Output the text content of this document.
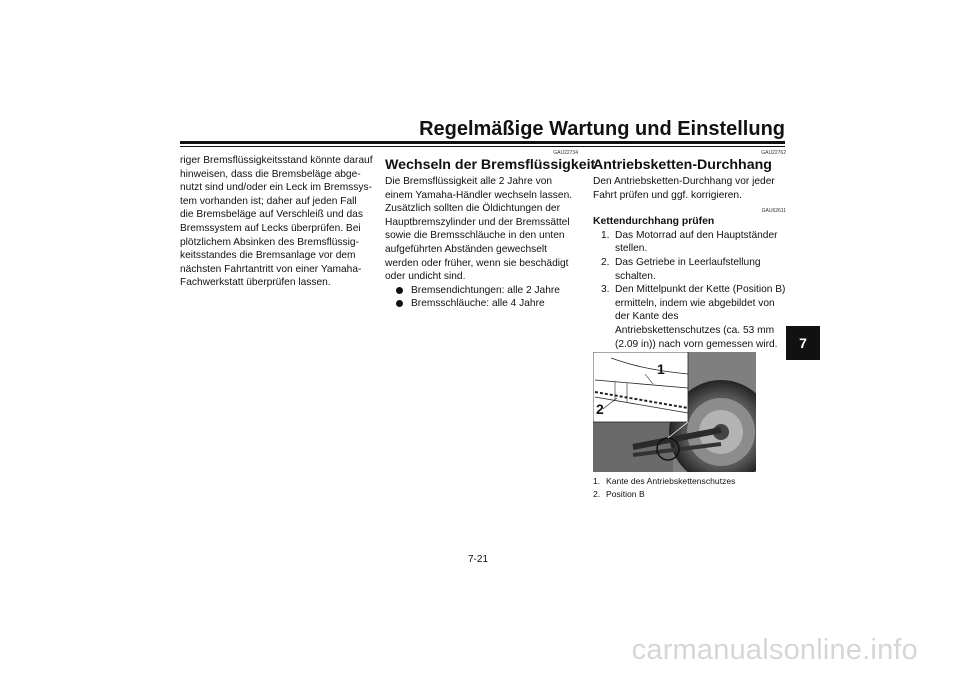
Regelmäßige Wartung und Einstellung

riger Bremsflüssigkeitsstand könnte darauf hinweisen, dass die Bremsbeläge abgenutzt sind und/oder ein Leck im Bremssystem vorhanden ist; daher auf jeden Fall die Bremsbeläge auf Verschleiß und das Bremssystem auf Lecks überprüfen. Bei plötzlichem Absinken des Bremsflüssigkeitsstandes die Bremsanlage vor dem nächsten Fahrtantritt von einer Yamaha-Fachwerkstatt überprüfen lassen.

GAU22734
Wechseln der Bremsflüssigkeit

Die Bremsflüssigkeit alle 2 Jahre von einem Yamaha-Händler wechseln lassen. Zusätzlich sollten die Öldichtungen der Hauptbremszylinder und der Bremssättel sowie die Bremsschläuche in den unten aufgeführten Abständen gewechselt werden oder früher, wenn sie beschädigt oder undicht sind.

Bremsendichtungen: alle 2 Jahre
Bremsschläuche: alle 4 Jahre
GAU22762
Antriebsketten-Durchhang

Den Antriebsketten-Durchhang vor jeder Fahrt prüfen und ggf. korrigieren.

GAU62611
Kettendurchhang prüfen
1. Das Motorrad auf den Hauptständer stellen.
2. Das Getriebe in Leerlaufstellung schalten.
3. Den Mittelpunkt der Kette (Position B) ermitteln, indem wie abgebildet von der Kante des Antriebskettenschutzes (ca. 53 mm (2.09 in)) nach vorn gemessen wird.
1
2
1. Kante des Antriebskettenschutzes
2. Position B
7
7-21
carmanualsonline.info
